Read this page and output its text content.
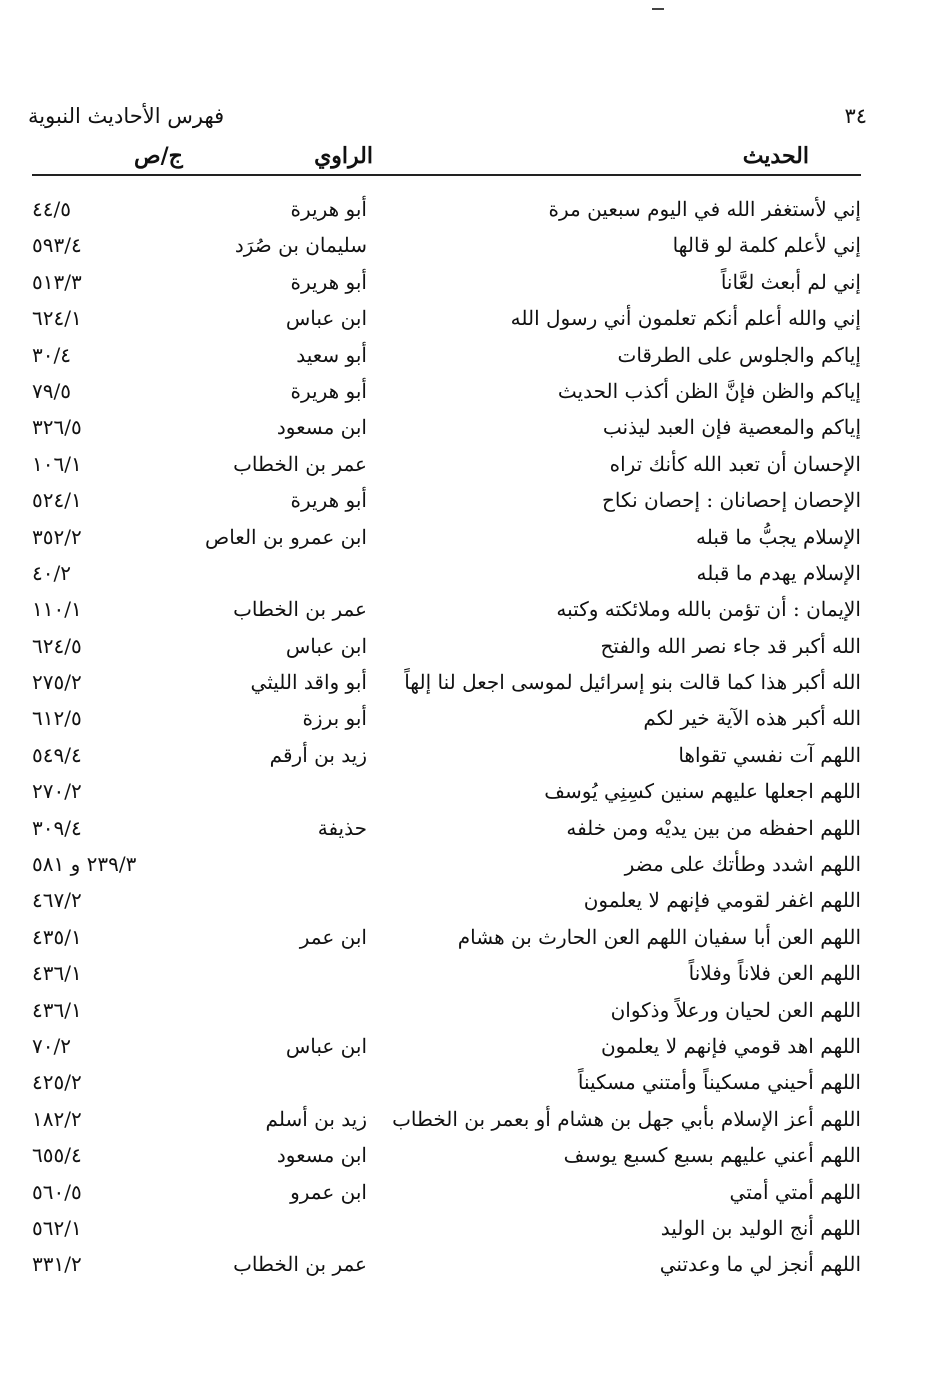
٣٤
فهرس الأحاديث النبوية
الحديث
الراوي
ج/ص
إني لأستغفر الله في اليوم سبعين مرة
أبو هريرة
٤٤/٥
إني لأعلم كلمة لو قالها
سليمان بن صُرَد
٥٩٣/٤
إني لم أبعث لعَّاناً
أبو هريرة
٥١٣/٣
إني والله أعلم أنكم تعلمون أني رسول الله
ابن عباس
٦٢٤/١
إياكم والجلوس على الطرقات
أبو سعيد
٣٠/٤
إياكم والظن فإنَّ الظن أكذب الحديث
أبو هريرة
٧٩/٥
إياكم والمعصية فإن العبد ليذنب
ابن مسعود
٣٢٦/٥
الإحسان أن تعبد الله كأنك تراه
عمر بن الخطاب
١٠٦/١
الإحصان إحصانان : إحصان نكاح
أبو هريرة
٥٢٤/١
الإسلام يجبُّ ما قبله
ابن عمرو بن العاص
٣٥٢/٢
الإسلام يهدم ما قبله
٤٠/٢
الإيمان : أن تؤمن بالله وملائكته وكتبه
عمر بن الخطاب
١١٠/١
الله أكبر قد جاء نصر الله والفتح
ابن عباس
٦٢٤/٥
الله أكبر هذا كما قالت بنو إسرائيل لموسى اجعل لنا إلهاً
أبو واقد الليثي
٢٧٥/٢
الله أكبر هذه الآية خير لكم
أبو برزة
٦١٢/٥
اللهم آت نفسي تقواها
زيد بن أرقم
٥٤٩/٤
اللهم اجعلها عليهم سنين كسِنِي يُوسف
٢٧٠/٢
اللهم احفظه من بين يديْه ومن خلفه
حذيفة
٣٠٩/٤
اللهم اشدد وطأتك على مضر
٢٣٩/٣ و ٥٨١
اللهم اغفر لقومي فإنهم لا يعلمون
٤٦٧/٢
اللهم العن أبا سفيان اللهم العن الحارث بن هشام
ابن عمر
٤٣٥/١
اللهم العن فلاناً وفلاناً
٤٣٦/١
اللهم العن لحيان ورعلاً وذكوان
٤٣٦/١
اللهم اهد قومي فإنهم لا يعلمون
ابن عباس
٧٠/٢
اللهم أحيني مسكيناً وأمتني مسكيناً
٤٢٥/٢
اللهم أعز الإسلام بأبي جهل بن هشام أو بعمر بن الخطاب
زيد بن أسلم
١٨٢/٢
اللهم أعني عليهم بسبع كسبع يوسف
ابن مسعود
٦٥٥/٤
اللهم أمتي أمتي
ابن عمرو
٥٦٠/٥
اللهم أنج الوليد بن الوليد
٥٦٢/١
اللهم أنجز لي ما وعدتني
عمر بن الخطاب
٣٣١/٢
